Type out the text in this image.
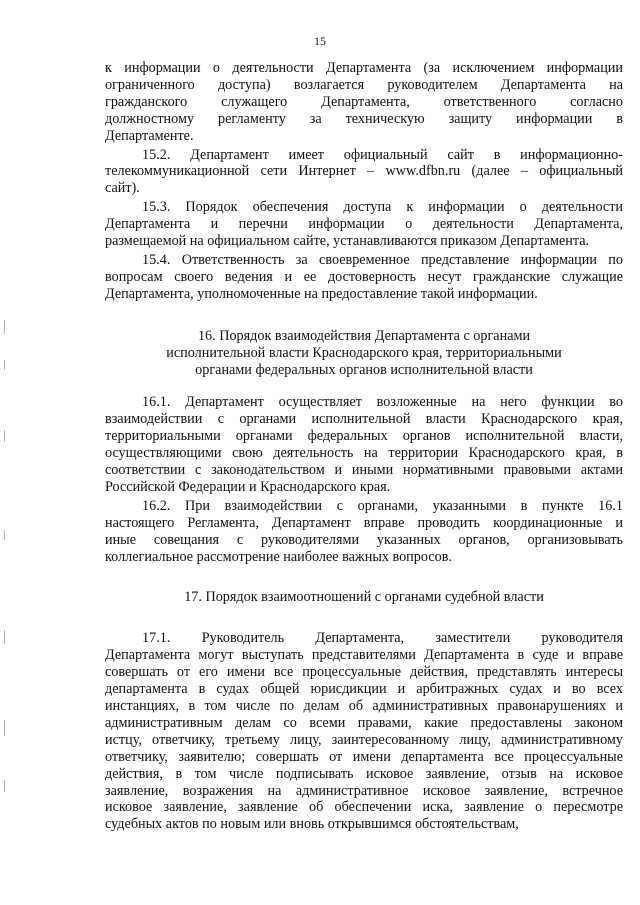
15
к информации о деятельности Департамента (за исключением информации
ограниченного доступа) возлагается руководителем Департамента на
гражданского служащего Департамента, ответственного согласно
должностному регламенту за техническую защиту информации в
Департаменте.
15.2. Департамент имеет официальный сайт в информационно-
телекоммуникационной сети Интернет – www.dfbn.ru (далее – официальный
сайт).
15.3. Порядок обеспечения доступа к информации о деятельности
Департамента и перечни информации о деятельности Департамента,
размещаемой на официальном сайте, устанавливаются приказом Департамента.
15.4. Ответственность за своевременное представление информации по
вопросам своего ведения и ее достоверность несут гражданские служащие
Департамента, уполномоченные на предоставление такой информации.
16. Порядок взаимодействия Департамента с органами
исполнительной власти Краснодарского края, территориальными
органами федеральных органов исполнительной власти
16.1. Департамент осуществляет возложенные на него функции во
взаимодействии с органами исполнительной власти Краснодарского края,
территориальными органами федеральных органов исполнительной власти,
осуществляющими свою деятельность на территории Краснодарского края, в
соответствии с законодательством и иными нормативными правовыми актами
Российской Федерации и Краснодарского края.
16.2. При взаимодействии с органами, указанными в пункте 16.1
настоящего Регламента, Департамент вправе проводить координационные и
иные совещания с руководителями указанных органов, организовывать
коллегиальное рассмотрение наиболее важных вопросов.
17. Порядок взаимоотношений с органами судебной власти
17.1. Руководитель Департамента, заместители руководителя
Департамента могут выступать представителями Департамента в суде и вправе
совершать от его имени все процессуальные действия, представлять интересы
департамента в судах общей юрисдикции и арбитражных судах и во всех
инстанциях, в том числе по делам об административных правонарушениях и
административным делам со всеми правами, какие предоставлены законом
истцу, ответчику, третьему лицу, заинтересованному лицу, административному
ответчику, заявителю; совершать от имени департамента все процессуальные
действия, в том числе подписывать исковое заявление, отзыв на исковое
заявление, возражения на административное исковое заявление, встречное
исковое заявление, заявление об обеспечении иска, заявление о пересмотре
судебных актов по новым или вновь открывшимся обстоятельствам,
